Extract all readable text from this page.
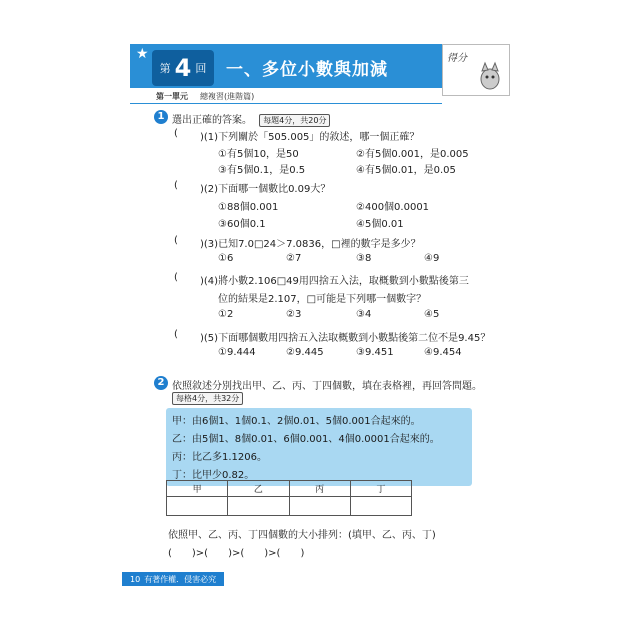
★
第 4 回 一、多位小數與加減
得分
第一單元 總複習(進階篇)
1 選出正確的答案。 每題4分，共20分
( )(1)下列關於「505.005」的敘述，哪一個正確？
①有5個10，是50	②有5個0.001，是0.005
③有5個0.1，是0.5	④有5個0.01，是0.05
( )(2)下面哪一個數比0.09大？
①88個0.001	②400個0.0001
③60個0.1	④5個0.01
( )(3)已知7.0□24＞7.0836，□裡的數字是多少？
①6	②7	③8	④9
( )(4)將小數2.106□49用四捨五入法，取概數到小數點後第三
位的結果是2.107，□可能是下列哪一個數字？
①2	②3	③4	④5
( )(5)下面哪個數用四捨五入法取概數到小數點後第二位不是9.45？
①9.444	②9.445	③9.451	④9.454
2 依照敘述分別找出甲、乙、丙、丁四個數，填在表格裡，再回答問題。
每格4分，共32分
甲：由6個1、1個0.1、2個0.01、5個0.001合起來的。
乙：由5個1、8個0.01、6個0.001、4個0.0001合起來的。
丙：比乙多1.1206。
丁：比甲少0.82。
甲	乙	丙	丁

依照甲、乙、丙、丁四個數的大小排列：(填甲、乙、丙、丁)
(　　)>(　　)>(　　)>(　　)
10 有著作權．侵害必究
